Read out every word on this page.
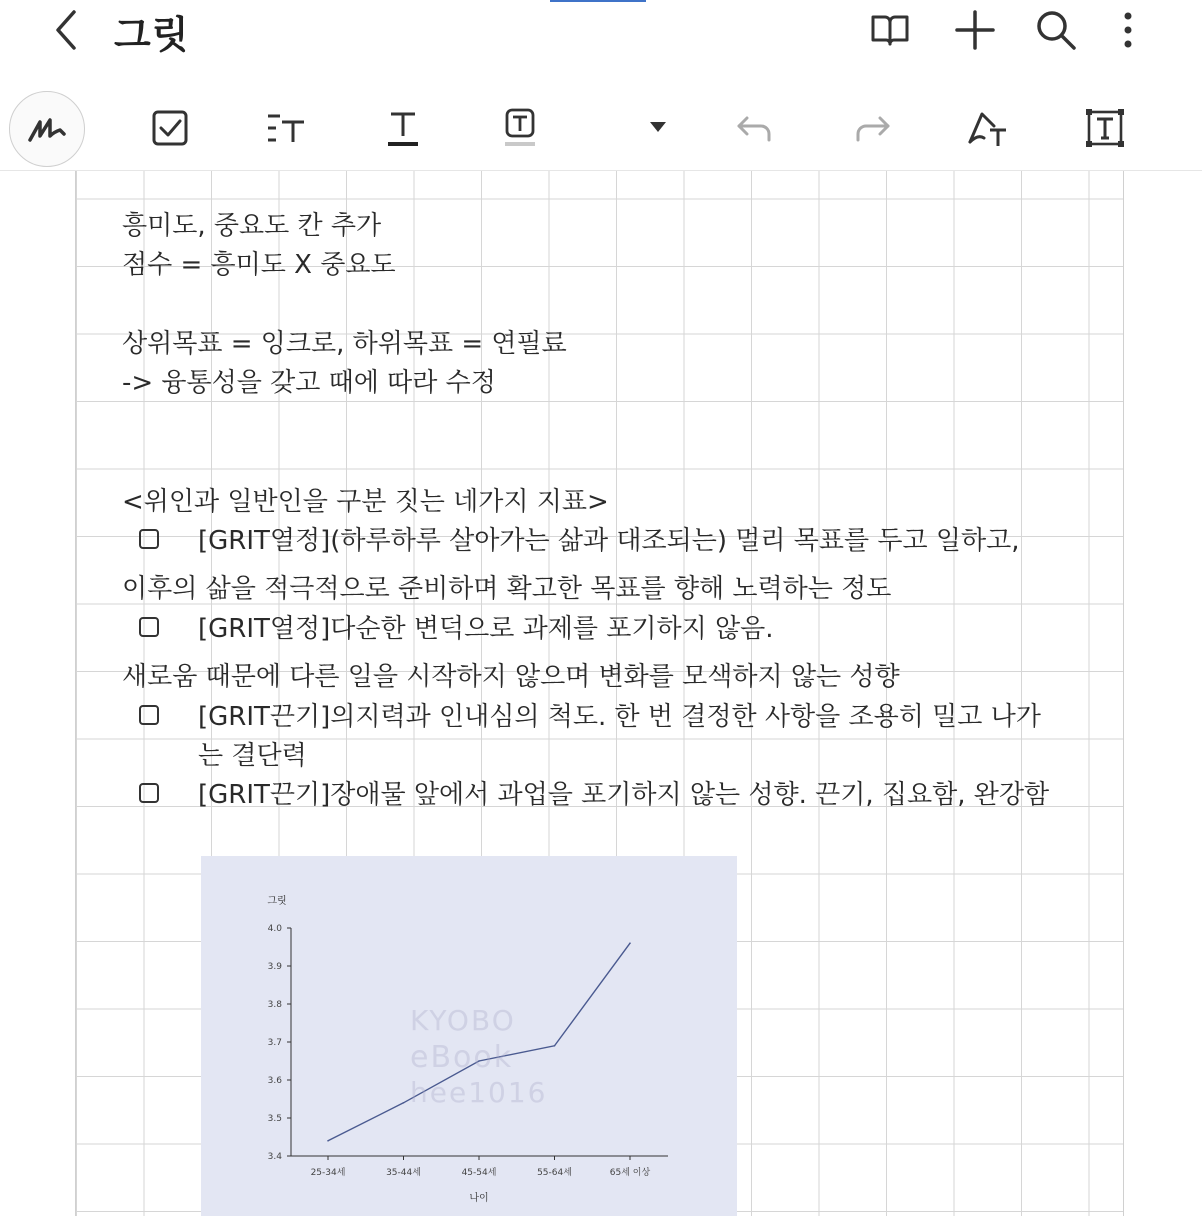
그릿
흥미도, 중요도 칸 추가
점수 = 흥미도 X 중요도
상위목표 = 잉크로, 하위목표 = 연필료
-> 융통성을 갖고 때에 따라 수정
<위인과 일반인을 구분 짓는 네가지 지표>
[GRIT열정](하루하루 살아가는 삶과 대조되는) 멀리 목표를 두고 일하고,
이후의 삶을 적극적으로 준비하며 확고한 목표를 향해 노력하는 정도
[GRIT열정]다순한 변덕으로 과제를 포기하지 않음.
새로움 때문에 다른 일을 시작하지 않으며 변화를 모색하지 않는 성향
[GRIT끈기]의지력과 인내심의 척도. 한 번 결정한 사항을 조용히 밀고 나가
는 결단력
[GRIT끈기]장애물 앞에서 과업을 포기하지 않는 성향. 끈기, 집요함, 완강함
그릿
나이
4.0
3.9
3.8
3.7
3.6
3.5
3.4
25-34세	35-44세	45-54세	55-64세	65세 이상
KYOBO
eBook
hee1016
